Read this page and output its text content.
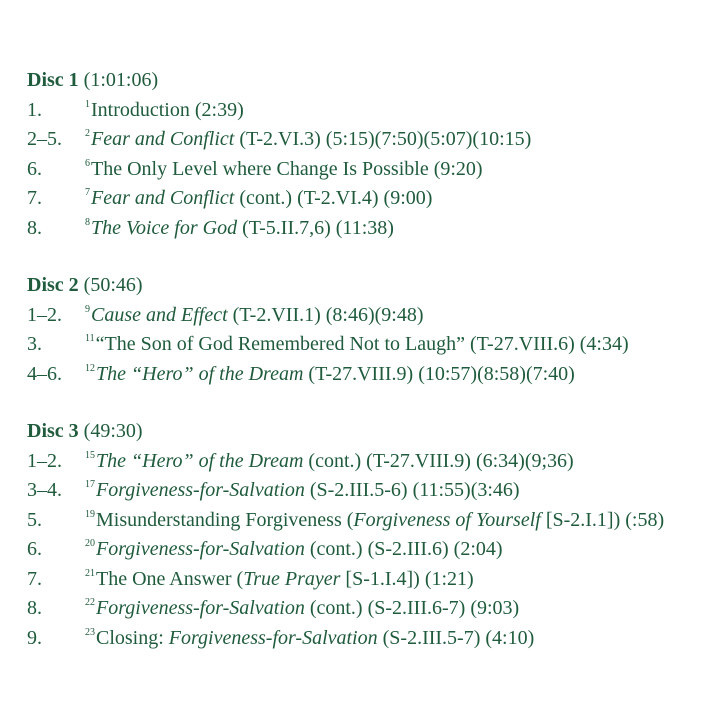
Disc 1 (1:01:06)
1.	$^1$Introduction (2:39)
2–5.	$^2$Fear and Conflict (T-2.VI.3) (5:15)(7:50)(5:07)(10:15)
6.	$^6$The Only Level where Change Is Possible (9:20)
7.	$^7$Fear and Conflict (cont.) (T-2.VI.4) (9:00)
8.	$^8$The Voice for God (T-5.II.7,6) (11:38)
Disc 2 (50:46)
1–2.	$^9$Cause and Effect (T-2.VII.1) (8:46)(9:48)
3.	$^{11}$“The Son of God Remembered Not to Laugh” (T-27.VIII.6) (4:34)
4–6.	$^{12}$The “Hero” of the Dream (T-27.VIII.9) (10:57)(8:58)(7:40)
Disc 3 (49:30)
1–2.	$^{15}$The “Hero” of the Dream (cont.) (T-27.VIII.9) (6:34)(9;36)
3–4.	$^{17}$Forgiveness-for-Salvation (S-2.III.5-6) (11:55)(3:46)
5.	$^{19}$Misunderstanding Forgiveness (Forgiveness of Yourself [S-2.I.1]) (:58)
6.	$^{20}$Forgiveness-for-Salvation (cont.) (S-2.III.6) (2:04)
7.	$^{21}$The One Answer (True Prayer [S-1.I.4]) (1:21)
8.	$^{22}$Forgiveness-for-Salvation (cont.) (S-2.III.6-7) (9:03)
9.	$^{23}$Closing: Forgiveness-for-Salvation (S-2.III.5-7) (4:10)
